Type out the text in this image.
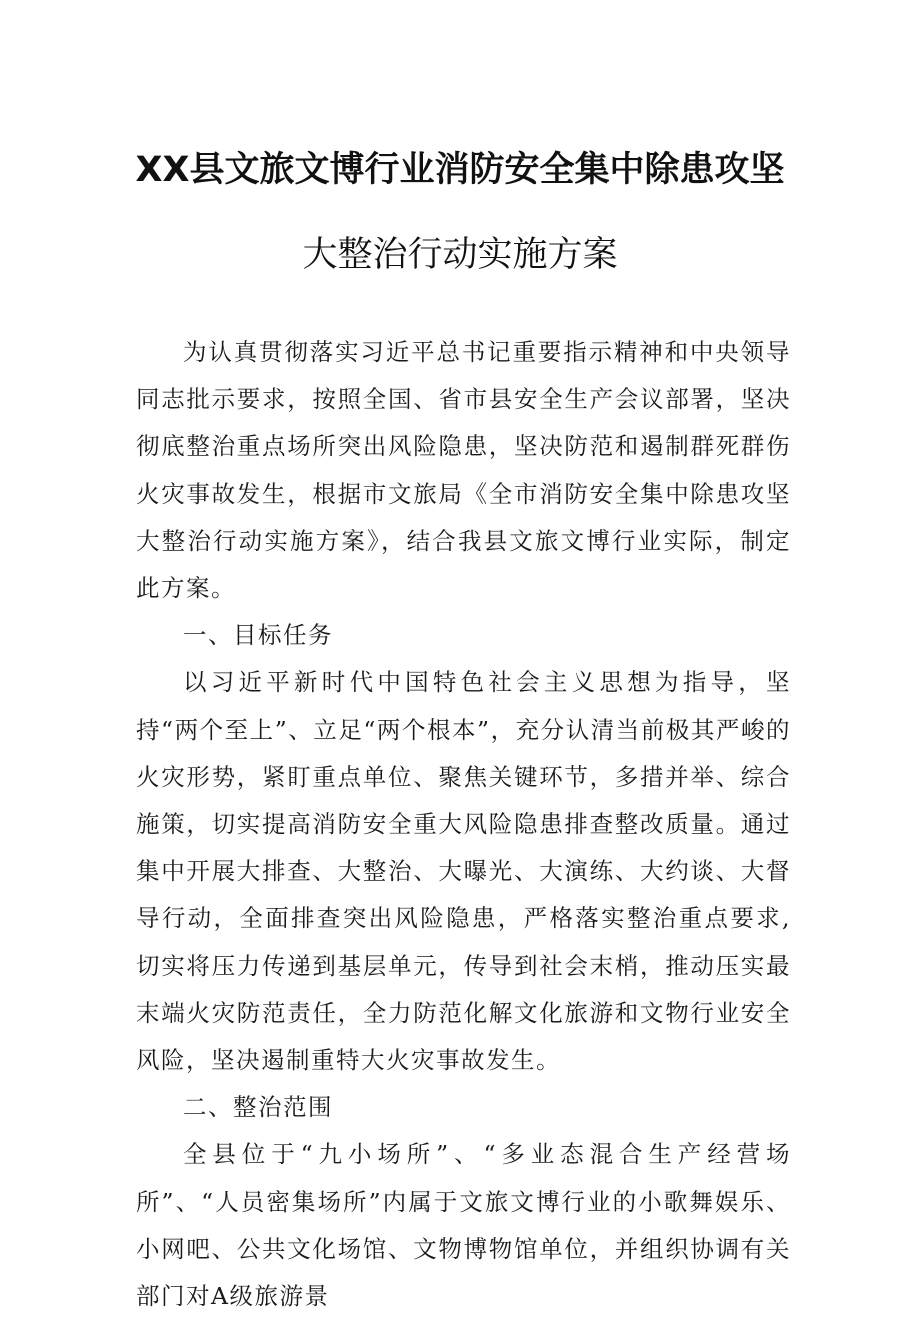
XX县文旅文博行业消防安全集中除患攻坚
大整治行动实施方案

为认真贯彻落实习近平总书记重要指示精神和中央领导同志批示要求，按照全国、省市县安全生产会议部署，坚决彻底整治重点场所突出风险隐患，坚决防范和遏制群死群伤火灾事故发生，根据市文旅局《全市消防安全集中除患攻坚大整治行动实施方案》，结合我县文旅文博行业实际，制定此方案。

一、目标任务

以习近平新时代中国特色社会主义思想为指导，坚持“两个至上”、立足“两个根本”，充分认清当前极其严峻的火灾形势，紧盯重点单位、聚焦关键环节，多措并举、综合施策，切实提高消防安全重大风险隐患排查整改质量。通过集中开展大排查、大整治、大曝光、大演练、大约谈、大督导行动，全面排查突出风险隐患，严格落实整治重点要求,切实将压力传递到基层单元，传导到社会末梢，推动压实最末端火灾防范责任，全力防范化解文化旅游和文物行业安全风险，坚决遏制重特大火灾事故发生。

二、整治范围

全县位于“九小场所”、“多业态混合生产经营场所”、“人员密集场所”内属于文旅文博行业的小歌舞娱乐、小网吧、公共文化场馆、文物博物馆单位，并组织协调有关部门对A级旅游景
